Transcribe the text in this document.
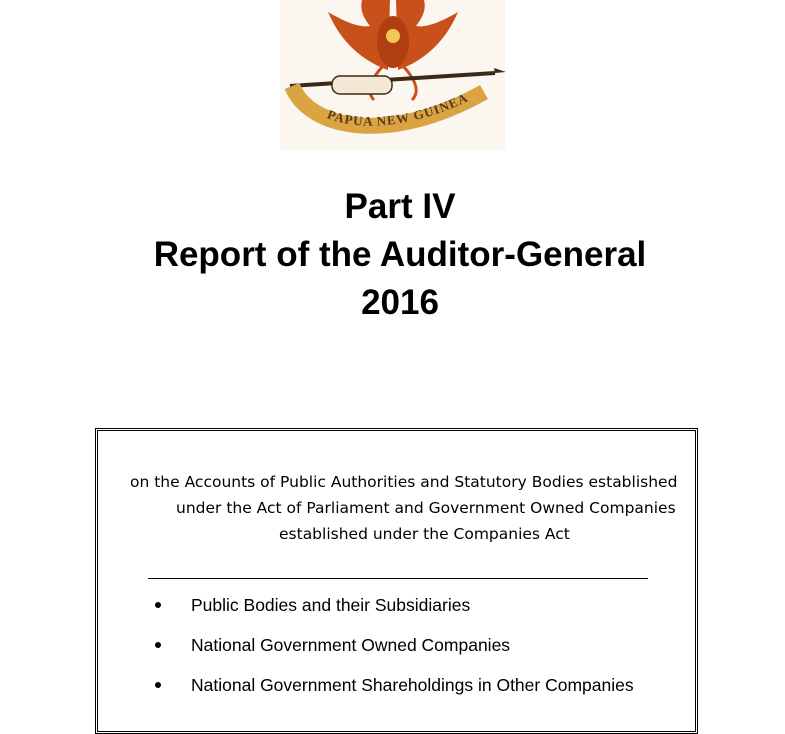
PAPUA NEW GUINEA
Part IV
Report of the Auditor-General
2016
on the Accounts of Public Authorities and Statutory Bodies established
under the Act of Parliament and Government Owned Companies
established under the Companies Act
Public Bodies and their Subsidiaries
National Government Owned Companies
National Government Shareholdings in Other Companies
